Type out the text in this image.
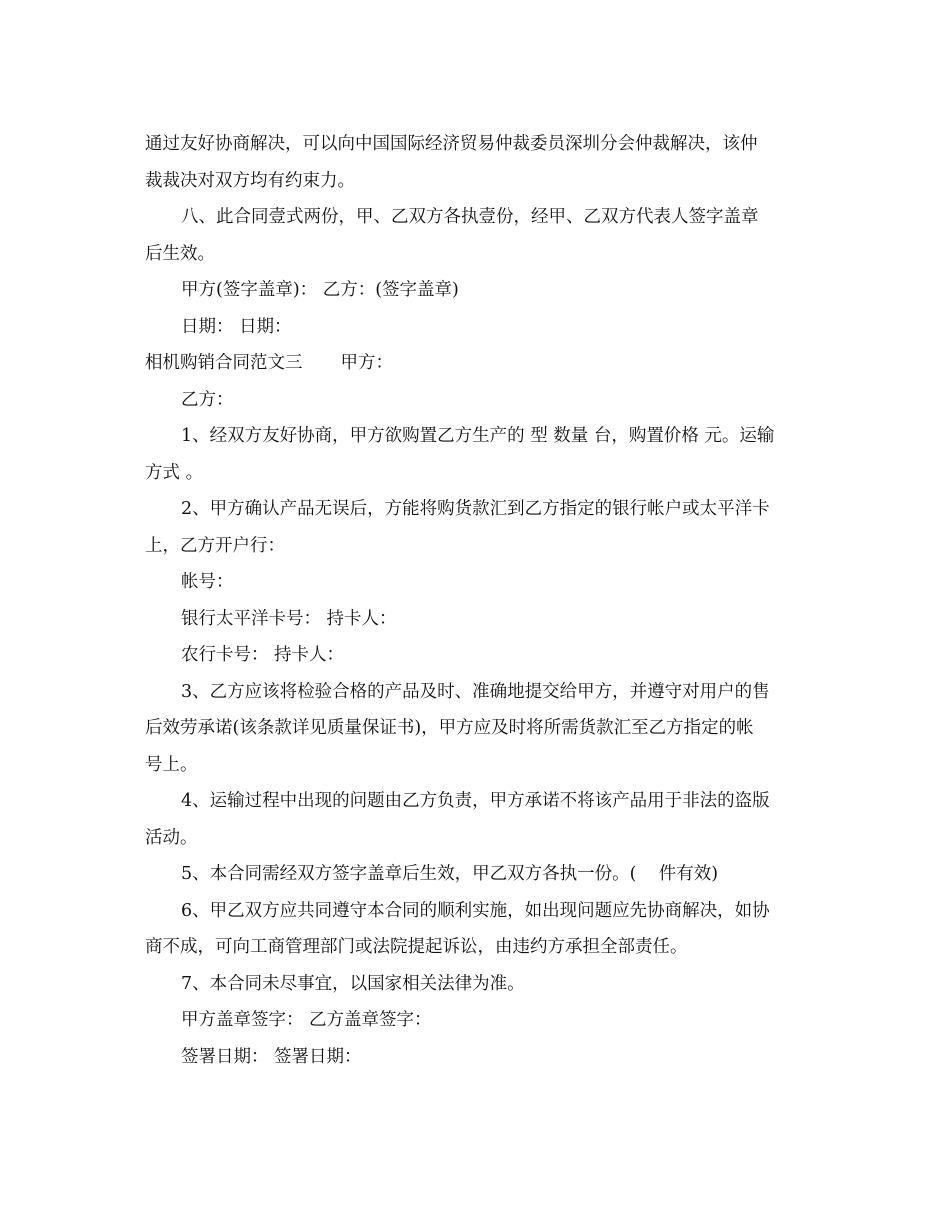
通过友好协商解决，可以向中国国际经济贸易仲裁委员深圳分会仲裁解决，该仲
裁裁决对双方均有约束力。
八、此合同壹式两份，甲、乙双方各执壹份，经甲、乙双方代表人签字盖章
后生效。
甲方(签字盖章)： 乙方：(签字盖章)
日期： 日期：
相机购销合同范文三 甲方：
乙方：
1、经双方友好协商，甲方欲购置乙方生产的 型 数量 台，购置价格 元。运输
方式 。
2、甲方确认产品无误后，方能将购货款汇到乙方指定的银行帐户或太平洋卡
上，乙方开户行：
帐号：
银行太平洋卡号： 持卡人：
农行卡号： 持卡人：
3、乙方应该将检验合格的产品及时、准确地提交给甲方，并遵守对用户的售
后效劳承诺(该条款详见质量保证书)，甲方应及时将所需货款汇至乙方指定的帐
号上。
4、运输过程中出现的问题由乙方负责，甲方承诺不将该产品用于非法的盗版
活动。
5、本合同需经双方签字盖章后生效，甲乙双方各执一份。(    件有效)
6、甲乙双方应共同遵守本合同的顺利实施，如出现问题应先协商解决，如协
商不成，可向工商管理部门或法院提起诉讼，由违约方承担全部责任。
7、本合同未尽事宜，以国家相关法律为准。
甲方盖章签字： 乙方盖章签字：
签署日期： 签署日期：
